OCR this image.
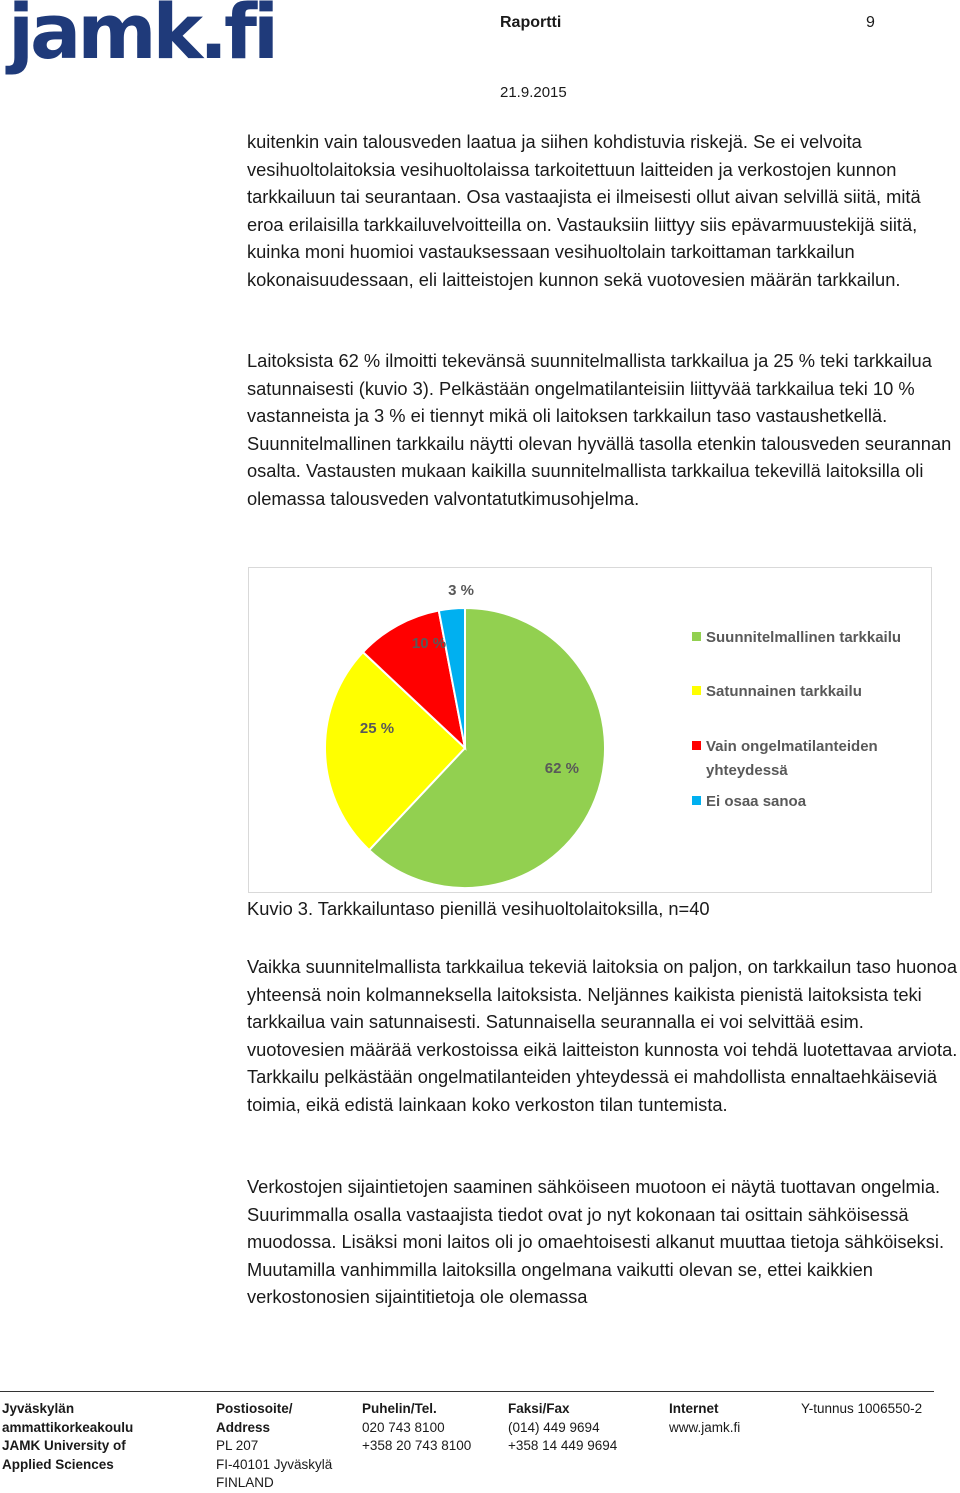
jamk.fi	Raportti	9
21.9.2015

kuitenkin vain talousveden laatua ja siihen kohdistuvia riskejä. Se ei velvoita vesihuoltolaitoksia vesihuoltolaissa tarkoitettuun laitteiden ja verkostojen kunnon tarkkailuun tai seurantaan. Osa vastaajista ei ilmeisesti ollut aivan selvillä siitä, mitä eroa erilaisilla tarkkailuvelvoitteilla on. Vastauksiin liittyy siis epävarmuustekijä siitä, kuinka moni huomioi vastauksessaan vesihuoltolain tarkoittaman tarkkailun kokonaisuudessaan, eli laitteistojen kunnon sekä vuotovesien määrän tarkkailun.

Laitoksista 62 % ilmoitti tekevänsä suunnitelmallista tarkkailua ja 25 % teki tarkkailua satunnaisesti (kuvio 3). Pelkästään ongelmatilanteisiin liittyvää tarkkailua teki 10 % vastanneista ja 3 % ei tiennyt mikä oli laitoksen tarkkailun taso vastaushetkellä. Suunnitelmallinen tarkkailu näytti olevan hyvällä tasolla etenkin talousveden seurannan osalta. Vastausten mukaan kaikilla suunnitelmallista tarkkailua tekevillä laitoksilla oli olemassa talousveden valvontatutkimusohjelma.

62 %
25 %
10 %
3 %
Suunnitelmallinen tarkkailu
Satunnainen tarkkailu
Vain ongelmatilanteiden
yhteydessä
Ei osaa sanoa
Kuvio 3. Tarkkailuntaso pienillä vesihuoltolaitoksilla, n=40

Vaikka suunnitelmallista tarkkailua tekeviä laitoksia on paljon, on tarkkailun taso huonoa yhteensä noin kolmanneksella laitoksista. Neljännes kaikista pienistä laitoksista teki tarkkailua vain satunnaisesti. Satunnaisella seurannalla ei voi selvittää esim. vuotovesien määrää verkostoissa eikä laitteiston kunnosta voi tehdä luotettavaa arviota. Tarkkailu pelkästään ongelmatilanteiden yhteydessä ei mahdollista ennaltaehkäiseviä toimia, eikä edistä lainkaan koko verkoston tilan tuntemista.

Verkostojen sijaintietojen saaminen sähköiseen muotoon ei näytä tuottavan ongelmia. Suurimmalla osalla vastaajista tiedot ovat jo nyt kokonaan tai osittain sähköisessä muodossa. Lisäksi moni laitos oli jo omaehtoisesti alkanut muuttaa tietoja sähköiseksi. Muutamilla vanhimmilla laitoksilla ongelmana vaikutti olevan se, ettei kaikkien verkostonosien sijaintitietoja ole olemassa

Jyväskylän
ammattikorkeakoulu
JAMK University of
Applied Sciences
Postiosoite/
Address
PL 207
FI-40101 Jyväskylä
FINLAND
Puhelin/Tel.
020 743 8100
+358 20 743 8100
Faksi/Fax
(014) 449 9694
+358 14 449 9694
Internet
www.jamk.fi
Y-tunnus 1006550-2
